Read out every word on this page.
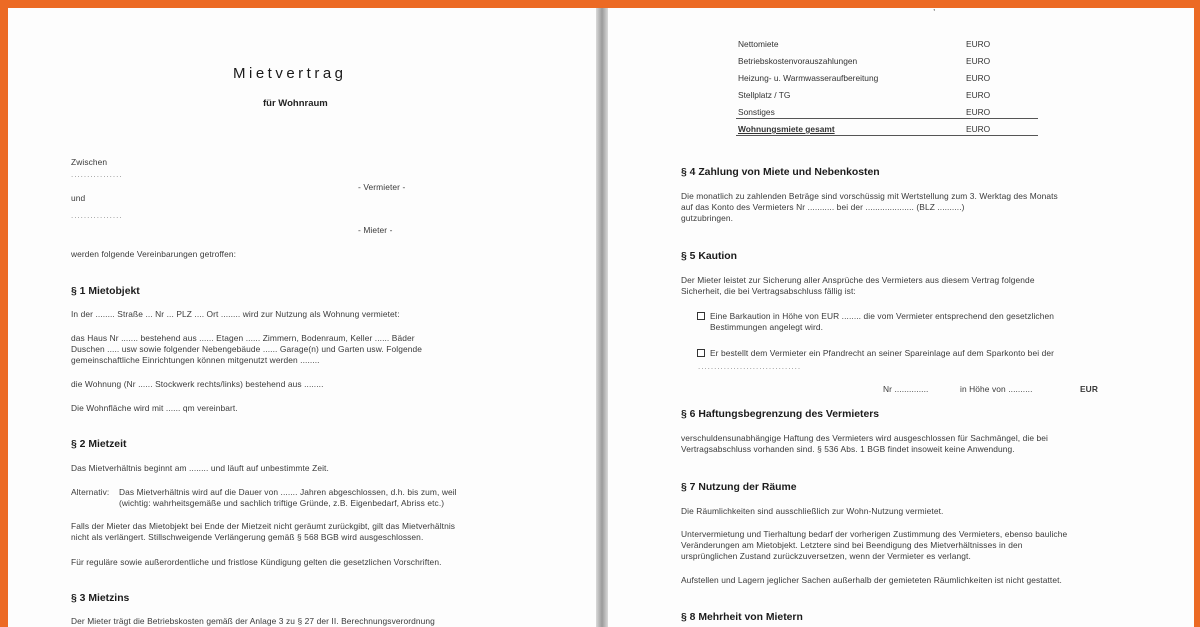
Mietvertrag
für Wohnraum
Zwischen
................
- Vermieter -
und
................
- Mieter -
werden folgende Vereinbarungen getroffen:
§ 1 Mietobjekt
In der ........ Straße ... Nr ... PLZ .... Ort ........ wird zur Nutzung als Wohnung vermietet:
das Haus Nr ....... bestehend aus ...... Etagen ...... Zimmern, Bodenraum, Keller ...... Bäder
Duschen ..... usw sowie folgender Nebengebäude ...... Garage(n) und Garten usw. Folgende
gemeinschaftliche Einrichtungen können mitgenutzt werden ........
die Wohnung (Nr ...... Stockwerk rechts/links) bestehend aus ........
Die Wohnfläche wird mit ...... qm vereinbart.
§ 2 Mietzeit
Das Mietverhältnis beginnt am ........ und läuft auf unbestimmte Zeit.
Alternativ: Das Mietverhältnis wird auf die Dauer von ....... Jahren abgeschlossen, d.h. bis zum, weil
(wichtig: wahrheitsgemäße und sachlich triftige Gründe, z.B. Eigenbedarf, Abriss etc.)
Falls der Mieter das Mietobjekt bei Ende der Mietzeit nicht geräumt zurückgibt, gilt das Mietverhältnis
nicht als verlängert. Stillschweigende Verlängerung gemäß § 568 BGB wird ausgeschlossen.
Für reguläre sowie außerordentliche und fristlose Kündigung gelten die gesetzlichen Vorschriften.
§ 3 Mietzins
Der Mieter trägt die Betriebskosten gemäß der Anlage 3 zu § 27 der II. Berechnungsverordnung
,
Nettomiete	EURO
Betriebskostenvorauszahlungen	EURO
Heizung- u. Warmwasseraufbereitung	EURO
Stellplatz / TG	EURO
Sonstiges	EURO
Wohnungsmiete gesamt	EURO
§ 4 Zahlung von Miete und Nebenkosten
Die monatlich zu zahlenden Beträge sind vorschüssig mit Wertstellung zum 3. Werktag des Monats
auf das Konto des Vermieters Nr ........... bei der .................... (BLZ ..........)
gutzubringen.
§ 5 Kaution
Der Mieter leistet zur Sicherung aller Ansprüche des Vermieters aus diesem Vertrag folgende
Sicherheit, die bei Vertragsabschluss fällig ist:
Eine Barkaution in Höhe von EUR ........ die vom Vermieter entsprechend den gesetzlichen
Bestimmungen angelegt wird.
Er bestellt dem Vermieter ein Pfandrecht an seiner Spareinlage auf dem Sparkonto bei der
................................
Nr ..............	in Höhe von ..........	EUR
§ 6 Haftungsbegrenzung des Vermieters
verschuldensunabhängige Haftung des Vermieters wird ausgeschlossen für Sachmängel, die bei
Vertragsabschluss vorhanden sind. § 536 Abs. 1 BGB findet insoweit keine Anwendung.
§ 7 Nutzung der Räume
Die Räumlichkeiten sind ausschließlich zur Wohn-Nutzung vermietet.
Untervermietung und Tierhaltung bedarf der vorherigen Zustimmung des Vermieters, ebenso bauliche
Veränderungen am Mietobjekt. Letztere sind bei Beendigung des Mietverhältnisses in den
ursprünglichen Zustand zurückzuversetzen, wenn der Vermieter es verlangt.
Aufstellen und Lagern jeglicher Sachen außerhalb der gemieteten Räumlichkeiten ist nicht gestattet.
§ 8 Mehrheit von Mietern
